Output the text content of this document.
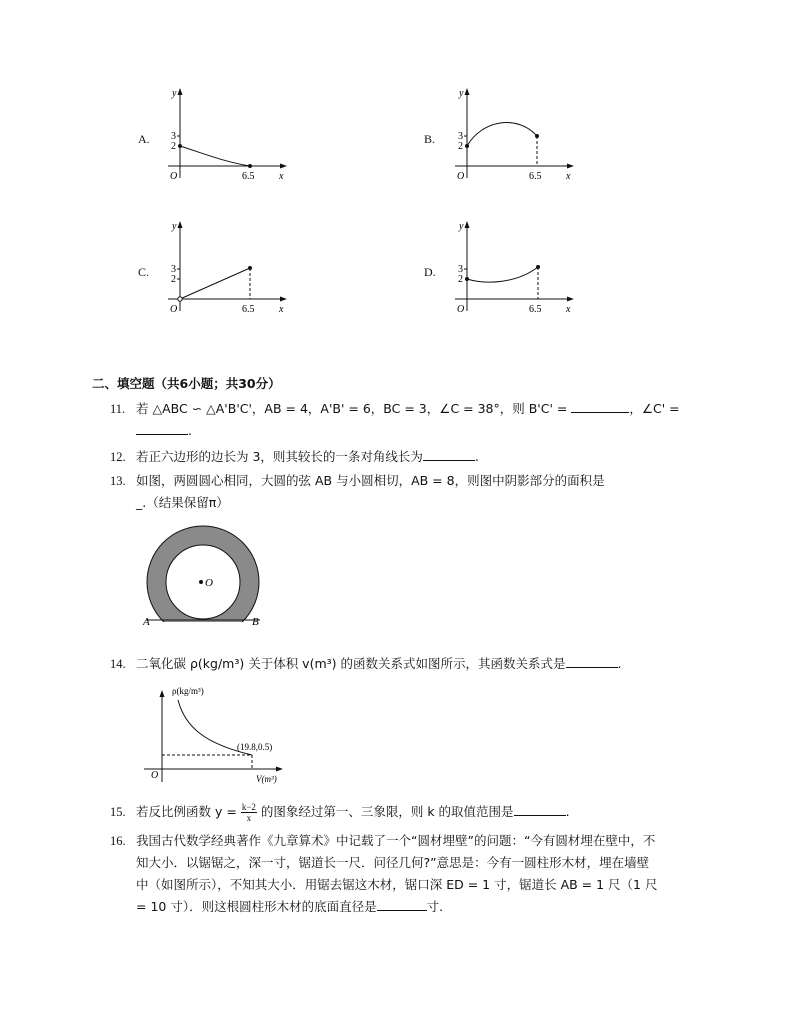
A.
y
x
O
3
2
6.5
B.
y
x
O
3
2
6.5
C.
y
x
O
3
2
6.5
D.
y
x
O
3
2
6.5
二、填空题（共6小题；共30分）
11. 若 △ABC ∽ △A'B'C'，AB = 4，A'B' = 6，BC = 3，∠C = 38°，则 B'C' =	，∠C' =
.
12. 若正六边形的边长为 3，则其较长的一条对角线长为	.
13. 如图，两圆圆心相同，大圆的弦 AB 与小圆相切，AB = 8，则图中阴影部分的面积是
_.（结果保留π）
O
A	B
14. 二氧化碳 ρ(kg/m³) 关于体积 v(m³) 的函数关系式如图所示，其函数关系式是	.
ρ(kg/m³)
V(m³)
O
(19.8,0.5)
15. 若反比例函数 $y = \frac{k-2}{x}$ 的图象经过第一、三象限，则 k 的取值范围是	.
16. 我国古代数学经典著作《九章算术》中记载了一个“圆材埋壁”的问题：“今有圆材埋在壁中，不
知大小．以锯锯之，深一寸，锯道长一尺．问径几何?”意思是：今有一圆柱形木材，埋在墙壁
中（如图所示），不知其大小．用锯去锯这木材，锯口深 ED = 1 寸，锯道长 AB = 1 尺（1 尺
= 10 寸）．则这根圆柱形木材的底面直径是	寸.
